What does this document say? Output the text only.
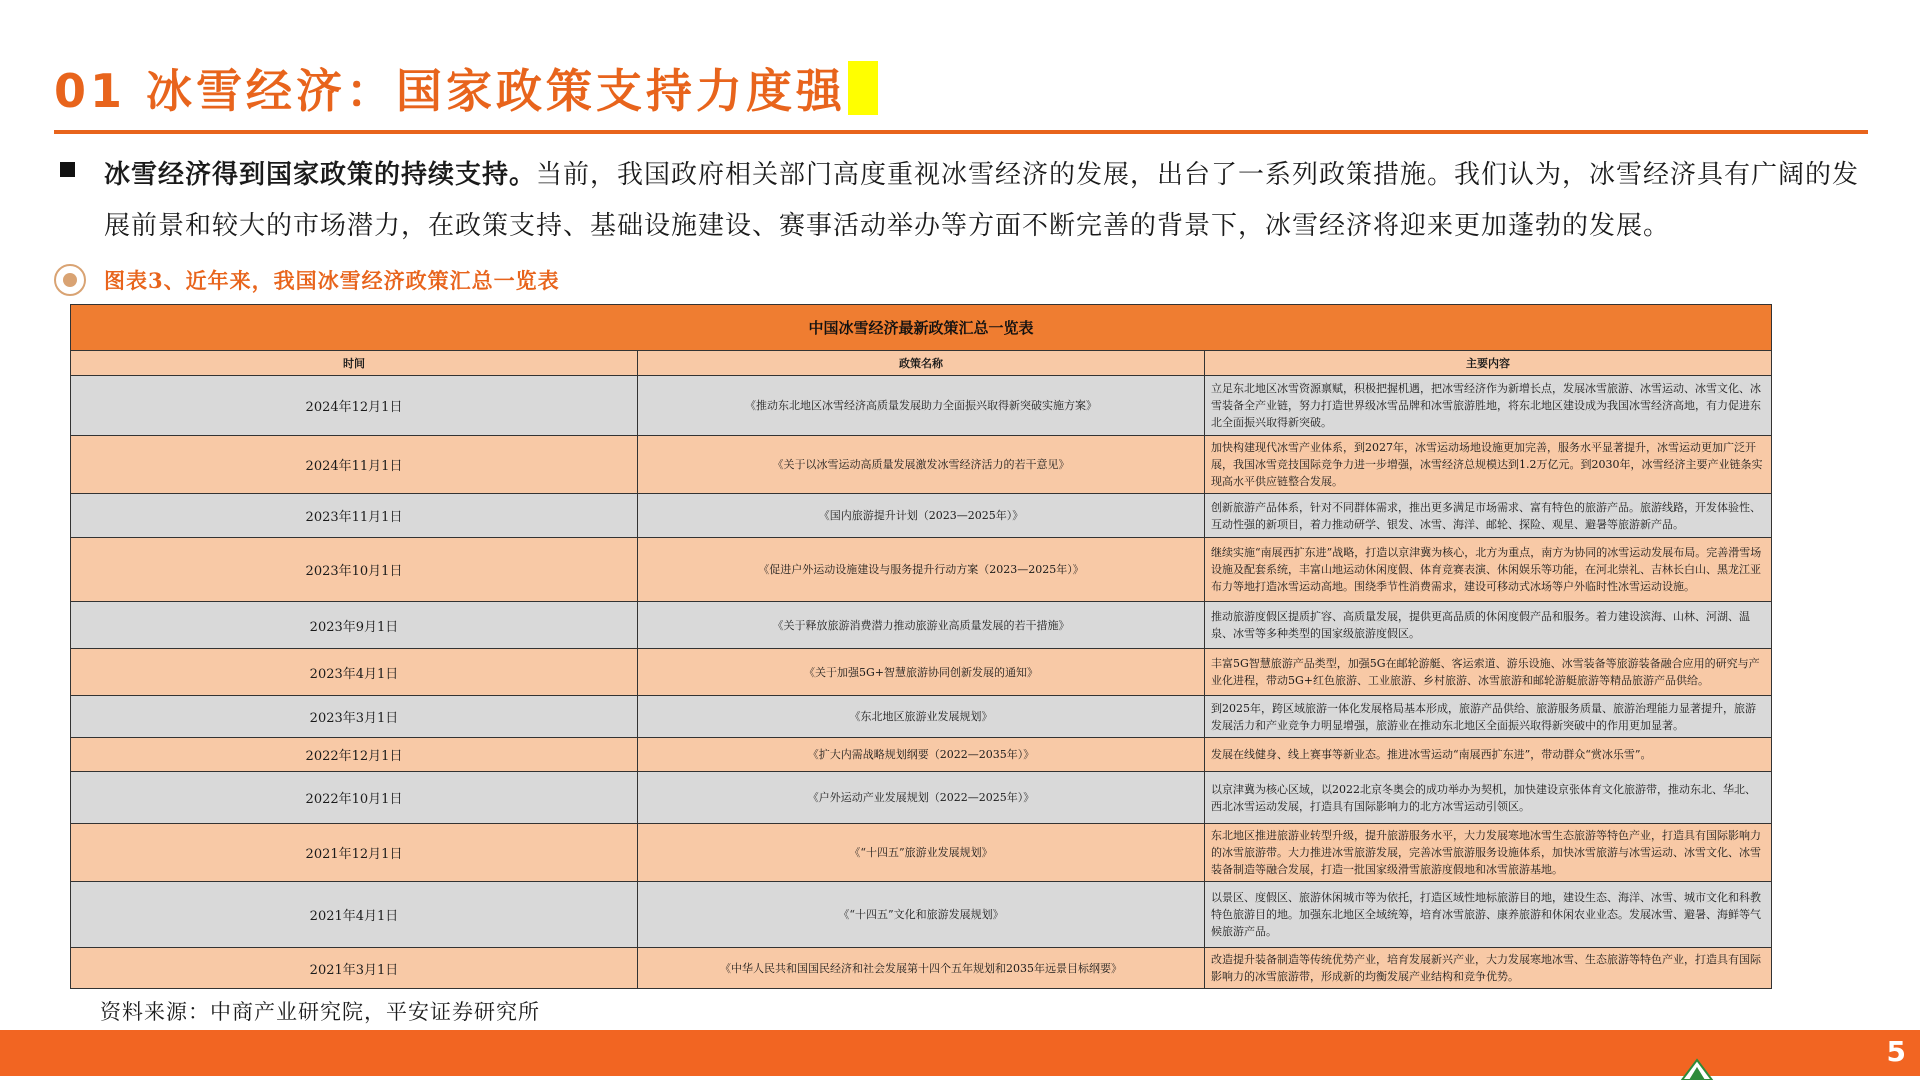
01 冰雪经济：国家政策支持力度强

冰雪经济得到国家政策的持续支持。当前，我国政府相关部门高度重视冰雪经济的发展，出台了一系列政策措施。我们认为，冰雪经济具有广阔的发展前景和较大的市场潜力，在政策支持、基础设施建设、赛事活动举办等方面不断完善的背景下，冰雪经济将迎来更加蓬勃的发展。

图表3、近年来，我国冰雪经济政策汇总一览表
中国冰雪经济最新政策汇总一览表		
时间	政策名称	主要内容
2024年12月1日	《推动东北地区冰雪经济高质量发展助力全面振兴取得新突破实施方案》	立足东北地区冰雪资源禀赋，积极把握机遇，把冰雪经济作为新增长点，发展冰雪旅游、冰雪运动、冰雪文化、冰雪装备全产业链，努力打造世界级冰雪品牌和冰雪旅游胜地，将东北地区建设成为我国冰雪经济高地，有力促进东北全面振兴取得新突破。
2024年11月1日	《关于以冰雪运动高质量发展激发冰雪经济活力的若干意见》	加快构建现代冰雪产业体系，到2027年，冰雪运动场地设施更加完善，服务水平显著提升，冰雪运动更加广泛开展，我国冰雪竞技国际竞争力进一步增强，冰雪经济总规模达到1.2万亿元。到2030年，冰雪经济主要产业链条实现高水平供应链整合发展。
2023年11月1日	《国内旅游提升计划（2023—2025年）》	创新旅游产品体系，针对不同群体需求，推出更多满足市场需求、富有特色的旅游产品。旅游线路，开发体验性、互动性强的新项目，着力推动研学、银发、冰雪、海洋、邮轮、探险、观星、避暑等旅游新产品。
2023年10月1日	《促进户外运动设施建设与服务提升行动方案（2023—2025年）》	继续实施“南展西扩东进”战略，打造以京津冀为核心，北方为重点，南方为协同的冰雪运动发展布局。完善滑雪场设施及配套系统，丰富山地运动休闲度假、体育竞赛表演、休闲娱乐等功能，在河北崇礼、吉林长白山、黑龙江亚布力等地打造冰雪运动高地。围绕季节性消费需求，建设可移动式冰场等户外临时性冰雪运动设施。
2023年9月1日	《关于释放旅游消费潜力推动旅游业高质量发展的若干措施》	推动旅游度假区提质扩容、高质量发展，提供更高品质的休闲度假产品和服务。着力建设滨海、山林、河湖、温泉、冰雪等多种类型的国家级旅游度假区。
2023年4月1日	《关于加强5G+智慧旅游协同创新发展的通知》	丰富5G智慧旅游产品类型，加强5G在邮轮游艇、客运索道、游乐设施、冰雪装备等旅游装备融合应用的研究与产业化进程，带动5G+红色旅游、工业旅游、乡村旅游、冰雪旅游和邮轮游艇旅游等精品旅游产品供给。
2023年3月1日	《东北地区旅游业发展规划》	到2025年，跨区域旅游一体化发展格局基本形成，旅游产品供给、旅游服务质量、旅游治理能力显著提升，旅游发展活力和产业竞争力明显增强，旅游业在推动东北地区全面振兴取得新突破中的作用更加显著。
2022年12月1日	《扩大内需战略规划纲要（2022—2035年）》	发展在线健身、线上赛事等新业态。推进冰雪运动“南展西扩东进”，带动群众“赏冰乐雪”。
2022年10月1日	《户外运动产业发展规划（2022—2025年）》	以京津冀为核心区域，以2022北京冬奥会的成功举办为契机，加快建设京张体育文化旅游带，推动东北、华北、西北冰雪运动发展，打造具有国际影响力的北方冰雪运动引领区。
2021年12月1日	《“十四五”旅游业发展规划》	东北地区推进旅游业转型升级，提升旅游服务水平，大力发展寒地冰雪生态旅游等特色产业，打造具有国际影响力的冰雪旅游带。大力推进冰雪旅游发展，完善冰雪旅游服务设施体系，加快冰雪旅游与冰雪运动、冰雪文化、冰雪装备制造等融合发展，打造一批国家级滑雪旅游度假地和冰雪旅游基地。
2021年4月1日	《“十四五”文化和旅游发展规划》	以景区、度假区、旅游休闲城市等为依托，打造区域性地标旅游目的地，建设生态、海洋、冰雪、城市文化和科教特色旅游目的地。加强东北地区全域统筹，培育冰雪旅游、康养旅游和休闲农业业态。发展冰雪、避暑、海鲜等气候旅游产品。
2021年3月1日	《中华人民共和国国民经济和社会发展第十四个五年规划和2035年远景目标纲要》	改造提升装备制造等传统优势产业，培育发展新兴产业，大力发展寒地冰雪、生态旅游等特色产业，打造具有国际影响力的冰雪旅游带，形成新的均衡发展产业结构和竞争优势。
资料来源：中商产业研究院，平安证券研究所
5
